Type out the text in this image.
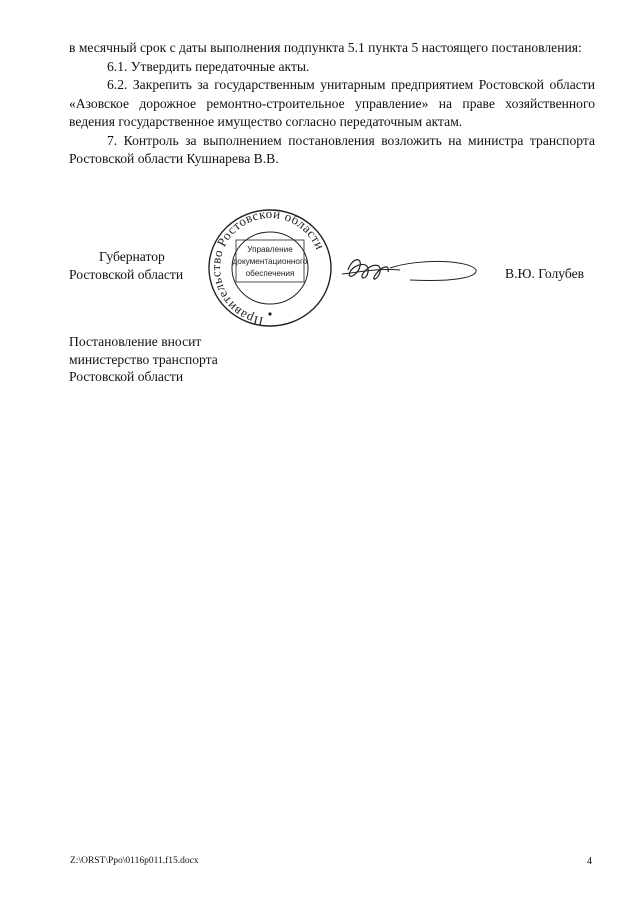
в месячный срок с даты выполнения подпункта 5.1 пункта 5 настоящего постановления:

6.1. Утвердить передаточные акты.

6.2. Закрепить за государственным унитарным предприятием Ростовской области «Азовское дорожное ремонтно-строительное управление» на праве хозяйственного ведения государственное имущество согласно передаточным актам.

7. Контроль за выполнением постановления возложить на министра транспорта Ростовской области Кушнарева В.В.

Губернатор
Ростовской области
Правительство Ростовской области
Управление
документационного
обеспечения	В.Ю. Голубев
Постановление вносит
министерство транспорта
Ростовской области
Z:\ORST\Ppo\0116p011.f15.docx	4
